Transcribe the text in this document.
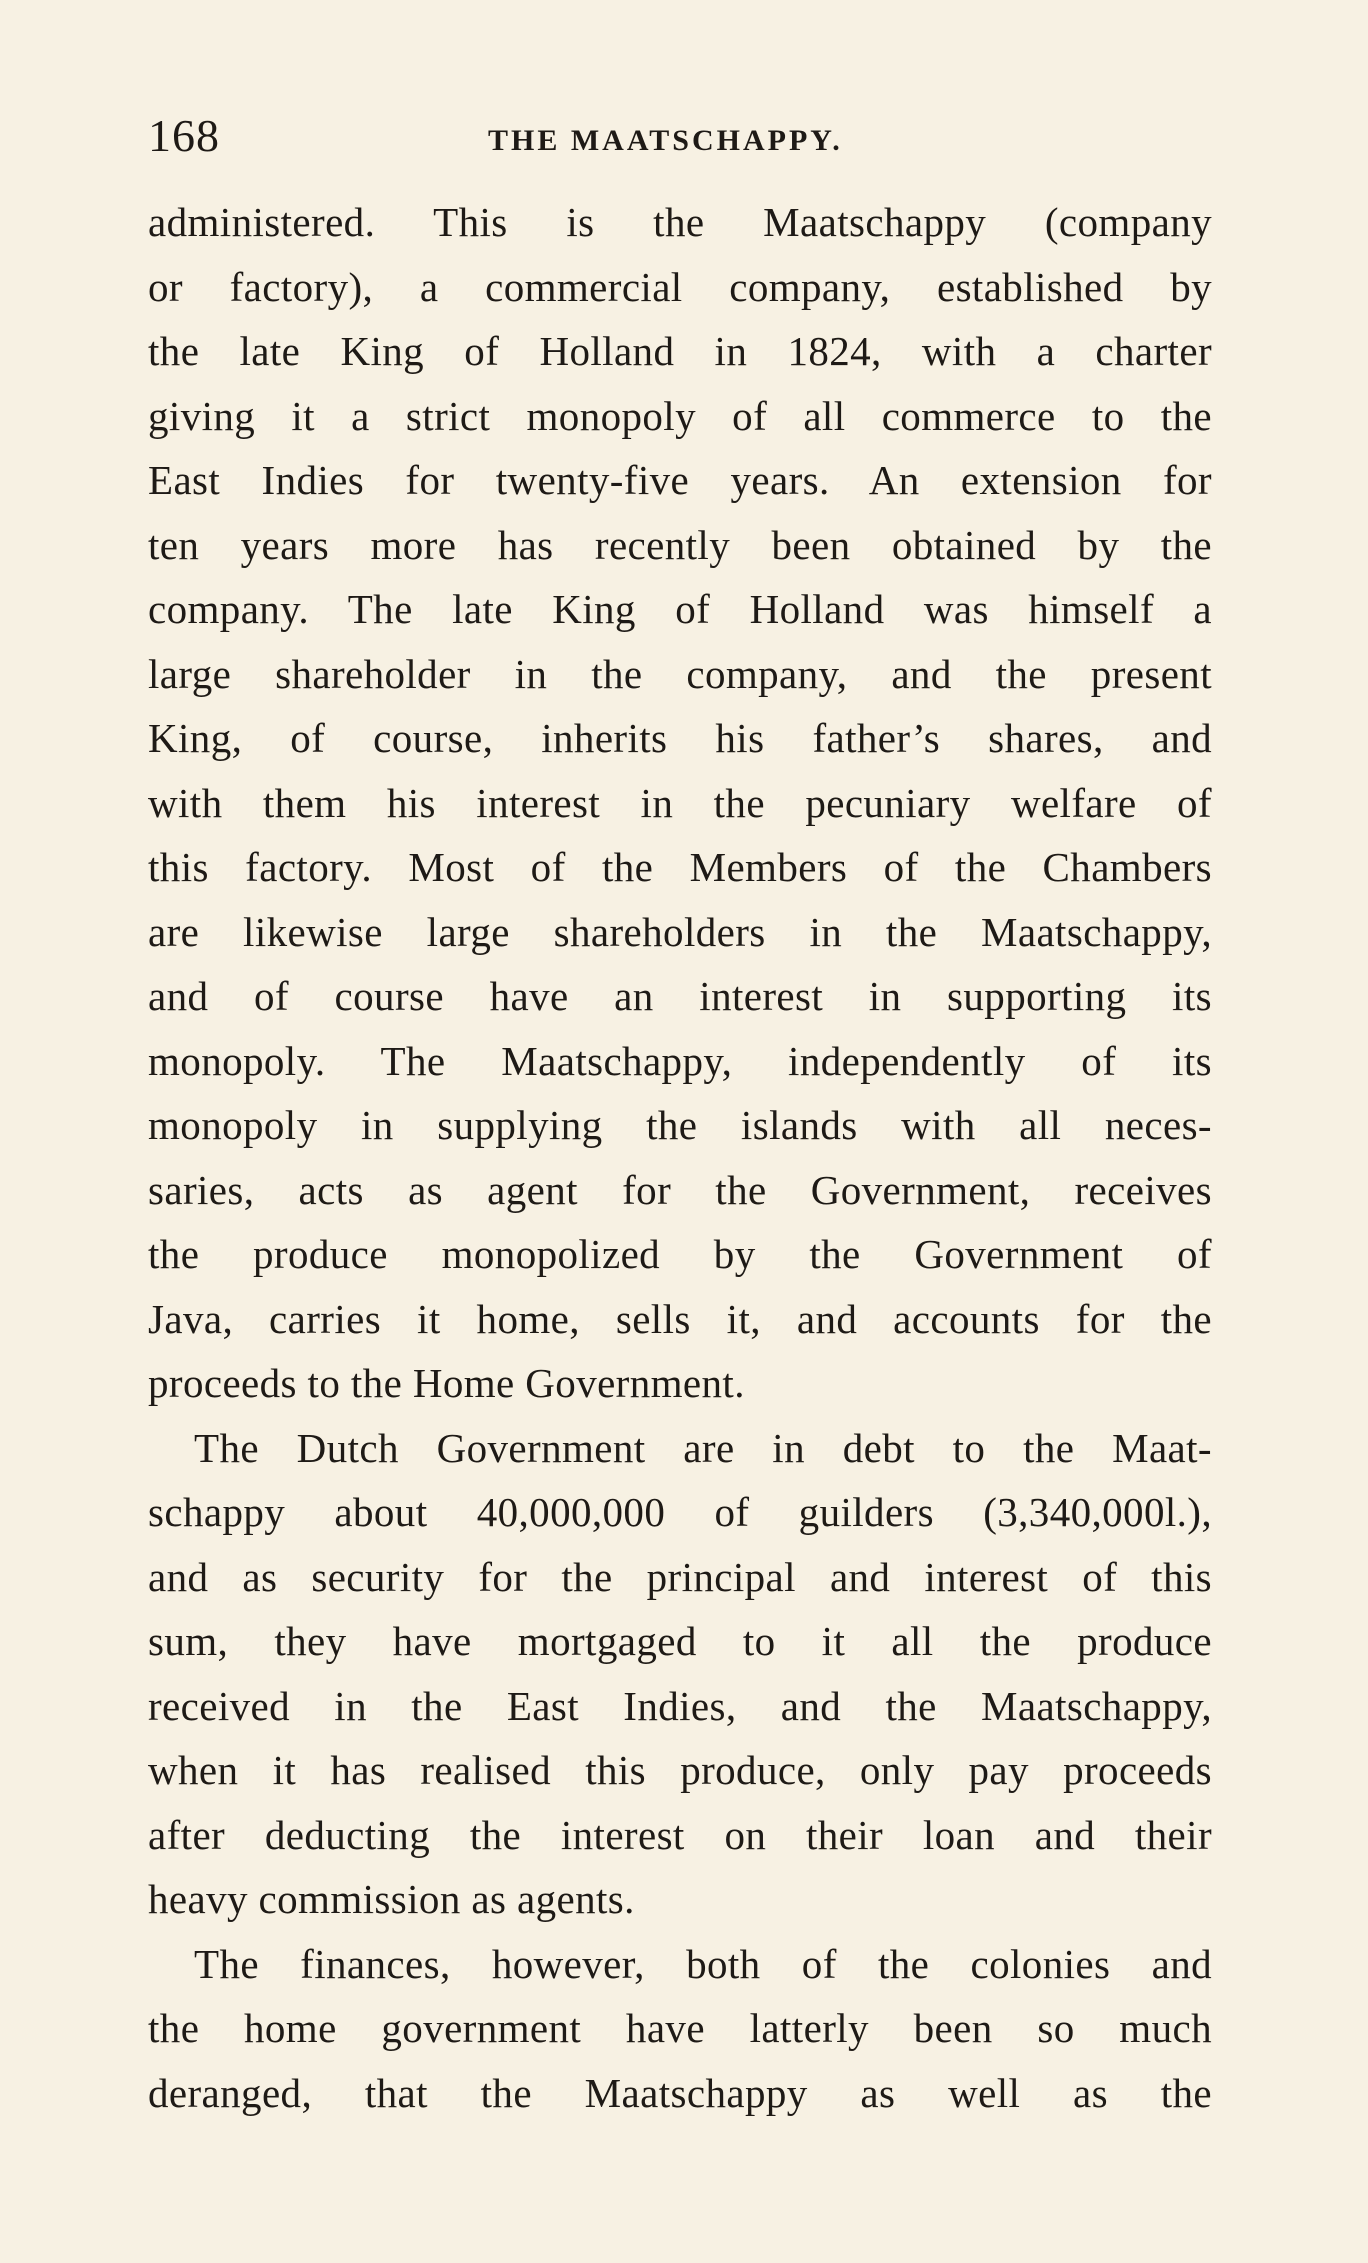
168	THE MAATSCHAPPY.
administered. This is the Maatschappy (company
or factory), a commercial company, established by
the late King of Holland in 1824, with a charter
giving it a strict monopoly of all commerce to the
East Indies for twenty-five years. An extension for
ten years more has recently been obtained by the
company. The late King of Holland was himself a
large shareholder in the company, and the present
King, of course, inherits his father’s shares, and
with them his interest in the pecuniary welfare of
this factory. Most of the Members of the Chambers
are likewise large shareholders in the Maatschappy,
and of course have an interest in supporting its
monopoly. The Maatschappy, independently of its
monopoly in supplying the islands with all neces-
saries, acts as agent for the Government, receives
the produce monopolized by the Government of
Java, carries it home, sells it, and accounts for the
proceeds to the Home Government.
The Dutch Government are in debt to the Maat-
schappy about 40,000,000 of guilders (3,340,000l.),
and as security for the principal and interest of this
sum, they have mortgaged to it all the produce
received in the East Indies, and the Maatschappy,
when it has realised this produce, only pay proceeds
after deducting the interest on their loan and their
heavy commission as agents.
The finances, however, both of the colonies and
the home government have latterly been so much
deranged, that the Maatschappy as well as the
